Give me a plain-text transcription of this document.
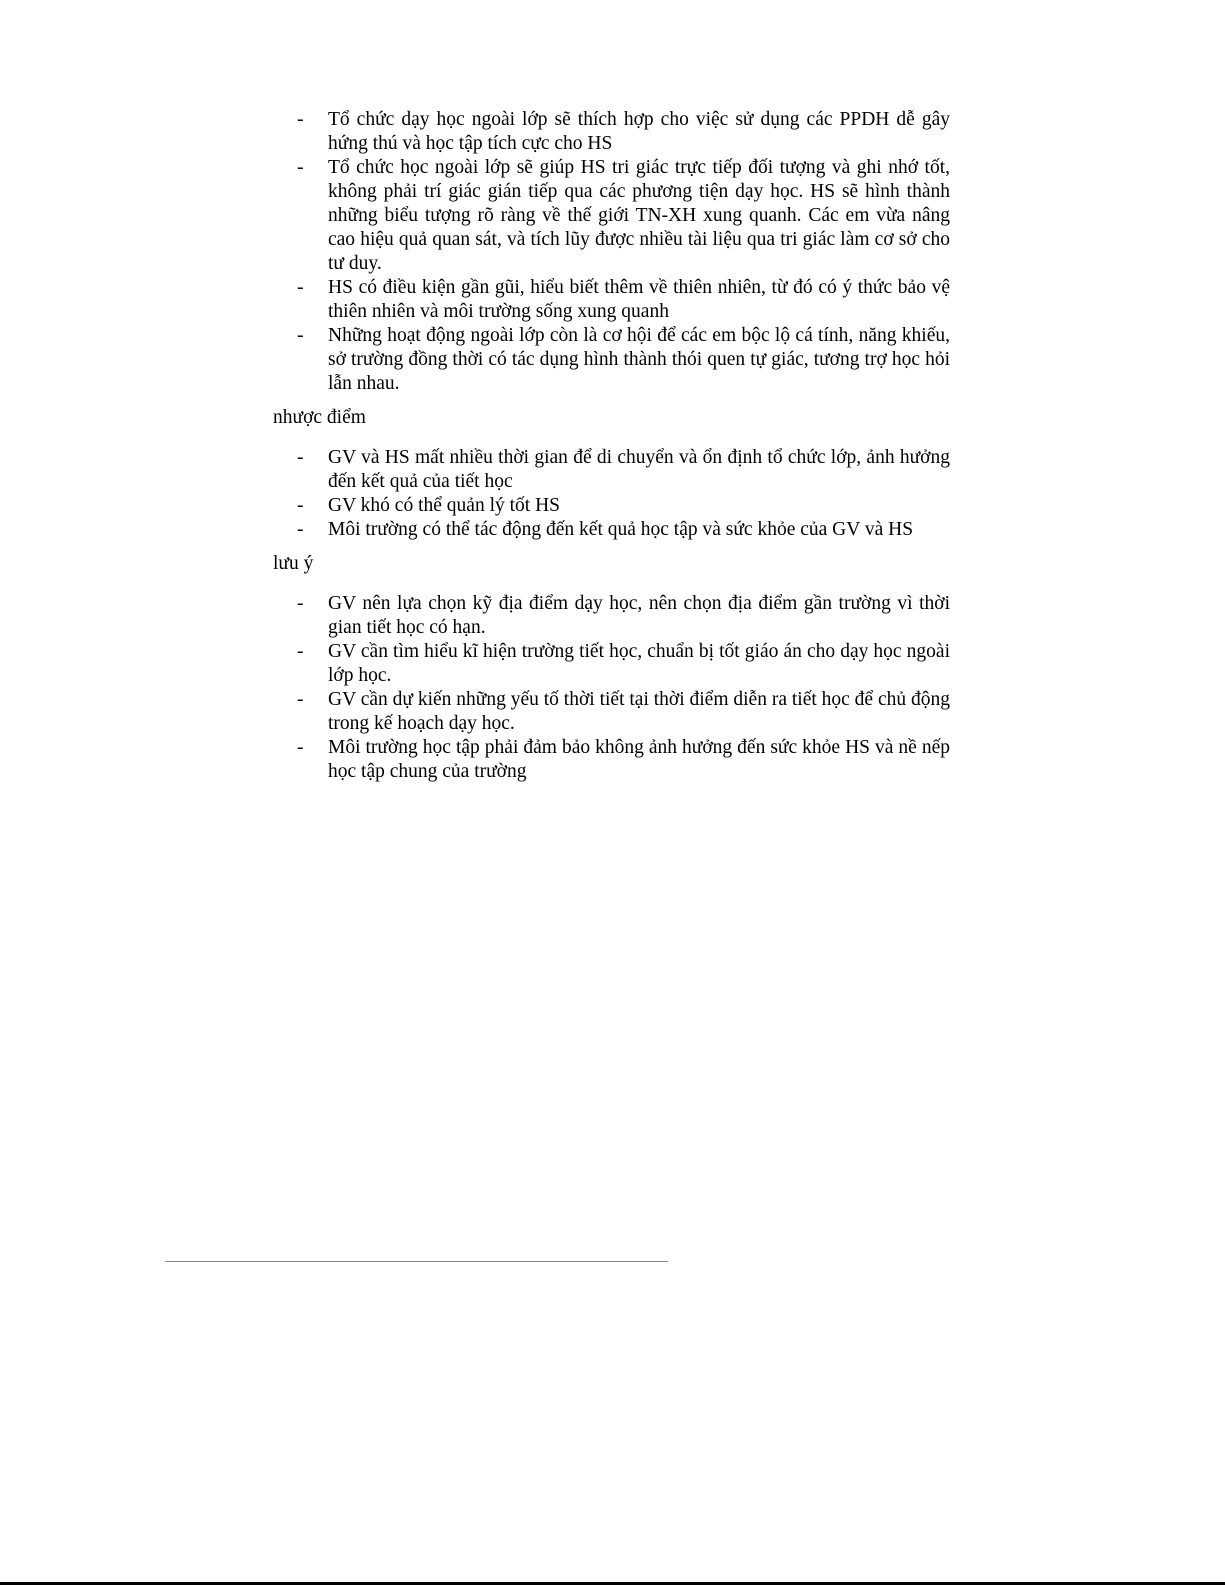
- Tổ chức dạy học ngoài lớp sẽ thích hợp cho việc sử dụng các PPDH dễ gây hứng thú và học tập tích cực cho HS
- Tổ chức học ngoài lớp sẽ giúp HS tri giác trực tiếp đối tượng và ghi nhớ tốt, không phải trí giác gián tiếp qua các phương tiện dạy học. HS sẽ hình thành những biểu tượng rõ ràng về thế giới TN-XH xung quanh. Các em vừa nâng cao hiệu quả quan sát, và tích lũy được nhiều tài liệu qua tri giác làm cơ sở cho tư duy.
- HS có điều kiện gần gũi, hiểu biết thêm về thiên nhiên, từ đó có ý thức bảo vệ thiên nhiên và môi trường sống xung quanh
- Những hoạt động ngoài lớp còn là cơ hội để các em bộc lộ cá tính, năng khiếu, sở trường đồng thời có tác dụng hình thành thói quen tự giác, tương trợ học hỏi lẫn nhau.

nhược điểm

- GV và HS mất nhiều thời gian để di chuyển và ổn định tổ chức lớp, ảnh hưởng đến kết quả của tiết học
- GV khó có thể quản lý tốt HS
- Môi trường có thể tác động đến kết quả học tập và sức khỏe của GV và HS

lưu ý

- GV nên lựa chọn kỹ địa điểm dạy học, nên chọn địa điểm gần trường vì thời gian tiết học có hạn.
- GV cần tìm hiểu kĩ hiện trường tiết học, chuẩn bị tốt giáo án cho dạy học ngoài lớp học.
- GV cần dự kiến những yếu tố thời tiết tại thời điểm diễn ra tiết học để chủ động trong kế hoạch dạy học.
- Môi trường học tập phải đảm bảo không ảnh hưởng đến sức khỏe HS và nề nếp học tập chung của trường
